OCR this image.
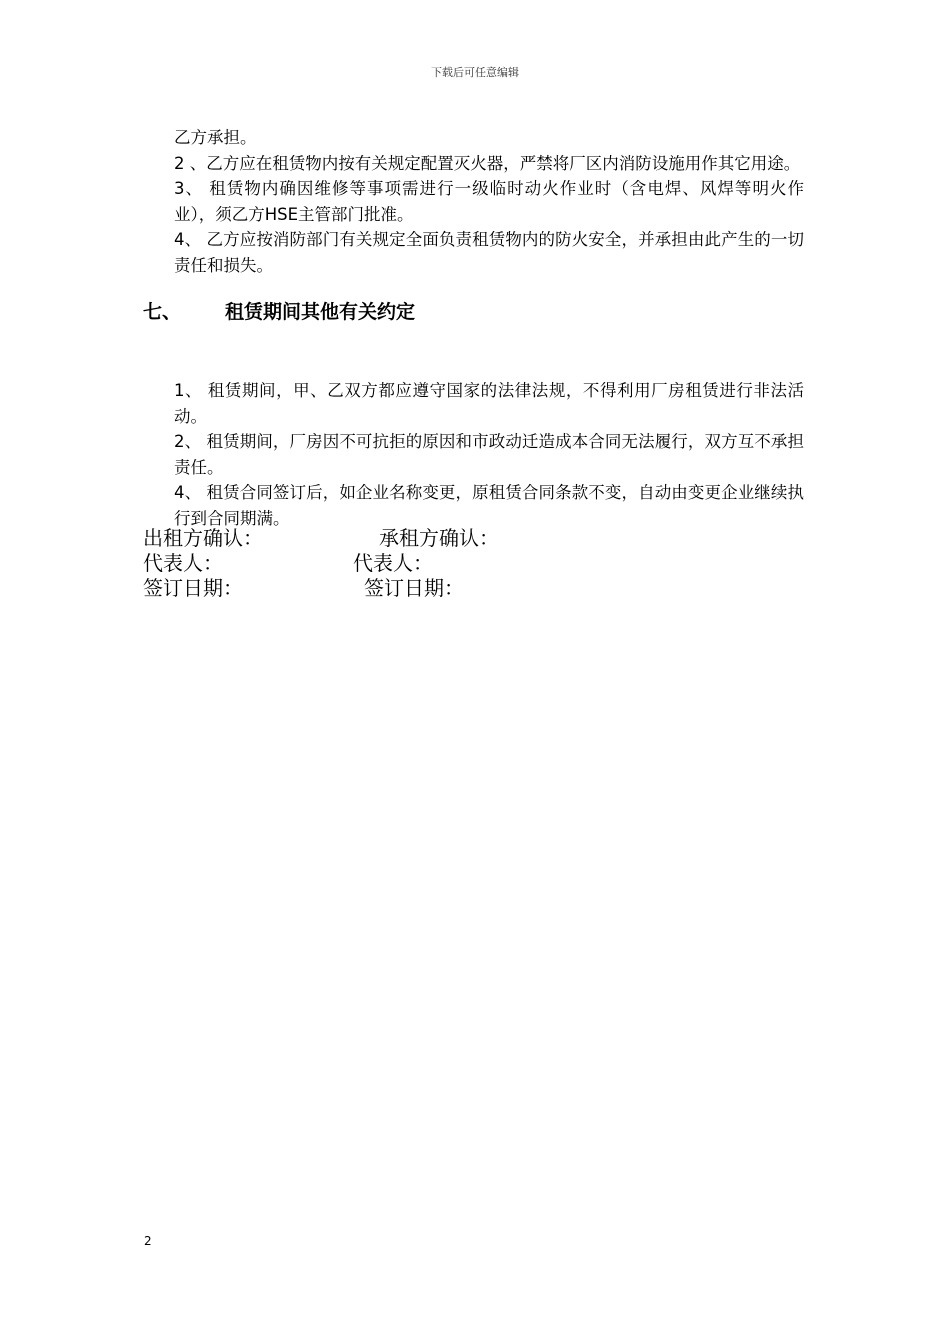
下载后可任意编辑

乙方承担。

2 、乙方应在租赁物内按有关规定配置灭火器，严禁将厂区内消防设施用作其它用途。

3、 租赁物内确因维修等事项需进行一级临时动火作业时（含电焊、风焊等明火作业），须乙方HSE主管部门批准。

4、 乙方应按消防部门有关规定全面负责租赁物内的防火安全，并承担由此产生的一切责任和损失。

七、 租赁期间其他有关约定

1、 租赁期间，甲、乙双方都应遵守国家的法律法规，不得利用厂房租赁进行非法活动。

2、 租赁期间，厂房因不可抗拒的原因和市政动迁造成本合同无法履行，双方互不承担责任。

4、 租赁合同签订后，如企业名称变更，原租赁合同条款不变，自动由变更企业继续执行到合同期满。

出租方确认：	承租方确认：
代表人：	代表人：
签订日期：	签订日期：
2
